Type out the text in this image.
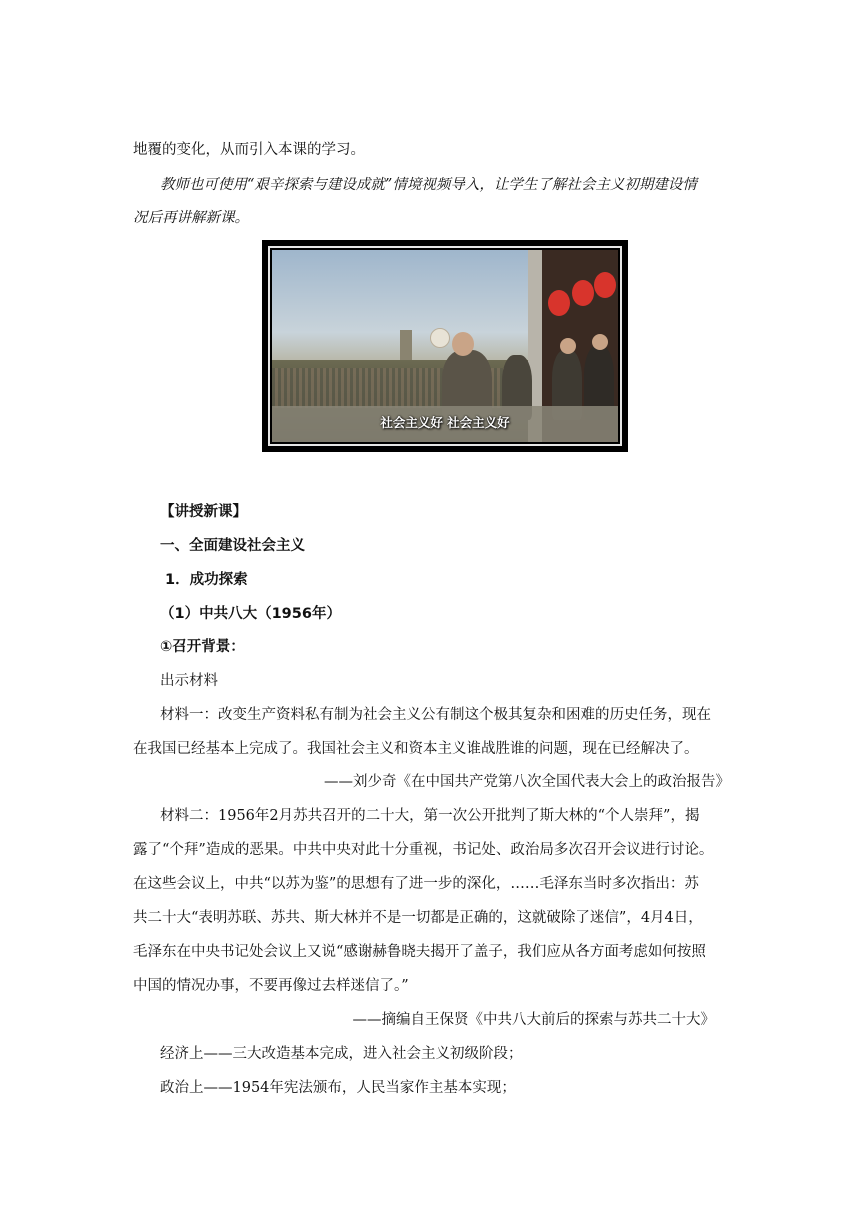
地覆的变化，从而引入本课的学习。
教师也可使用“艰辛探索与建设成就”情境视频导入，让学生了解社会主义初期建设情
况后再讲解新课。
社会主义好 社会主义好
【讲授新课】
一、全面建设社会主义
1．成功探索
（1）中共八大（1956年）
①召开背景：
出示材料
材料一：改变生产资料私有制为社会主义公有制这个极其复杂和困难的历史任务，现在
在我国已经基本上完成了。我国社会主义和资本主义谁战胜谁的问题，现在已经解决了。
——刘少奇《在中国共产党第八次全国代表大会上的政治报告》
材料二：1956年2月苏共召开的二十大，第一次公开批判了斯大林的“个人崇拜”，揭
露了“个拜”造成的恶果。中共中央对此十分重视，书记处、政治局多次召开会议进行讨论。
在这些会议上，中共“以苏为鉴”的思想有了进一步的深化，……毛泽东当时多次指出：苏
共二十大“表明苏联、苏共、斯大林并不是一切都是正确的，这就破除了迷信”，4月4日，
毛泽东在中央书记处会议上又说“感谢赫鲁晓夫揭开了盖子，我们应从各方面考虑如何按照
中国的情况办事，不要再像过去样迷信了。”
——摘编自王保贤《中共八大前后的探索与苏共二十大》
经济上——三大改造基本完成，进入社会主义初级阶段；
政治上——1954年宪法颁布，人民当家作主基本实现；
